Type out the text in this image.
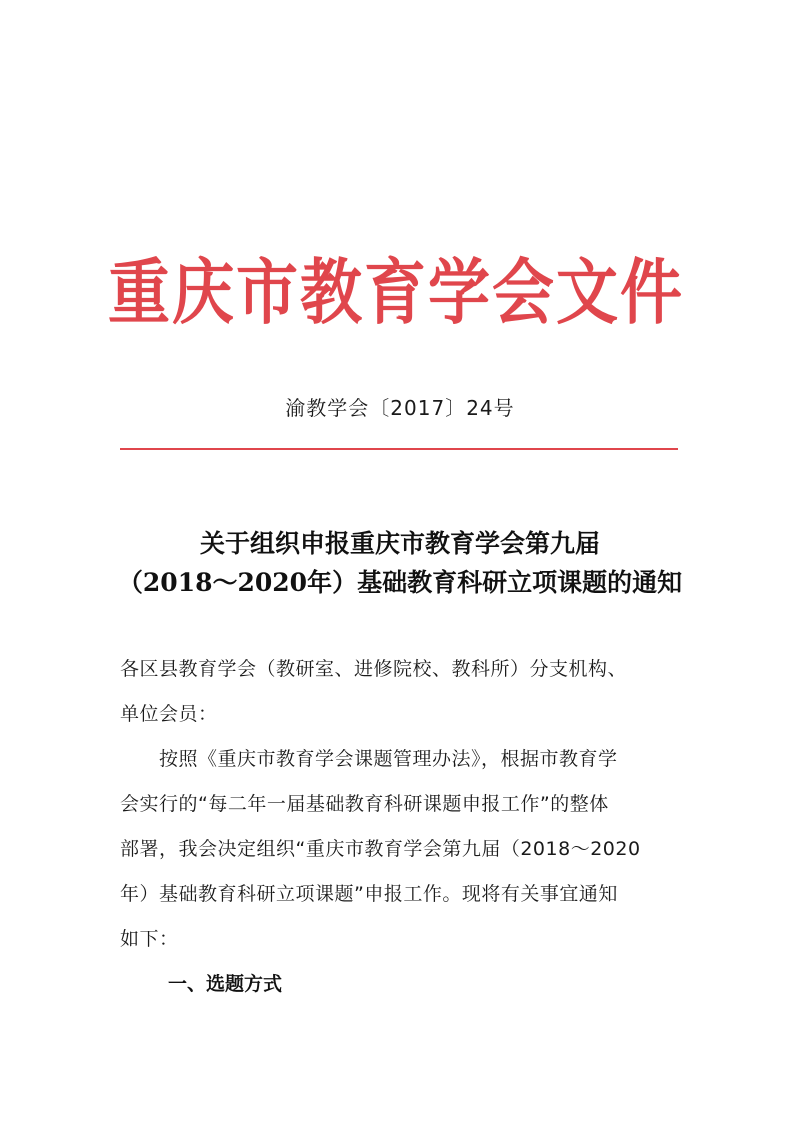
重庆市教育学会文件
渝教学会〔2017〕24号
关于组织申报重庆市教育学会第九届
（2018～2020年）基础教育科研立项课题的通知
各区县教育学会（教研室、进修院校、教科所）分支机构、
单位会员：
　　按照《重庆市教育学会课题管理办法》，根据市教育学
会实行的“每二年一届基础教育科研课题申报工作”的整体
部署，我会决定组织“重庆市教育学会第九届（2018～2020
年）基础教育科研立项课题”申报工作。现将有关事宜通知
如下：
一、选题方式
